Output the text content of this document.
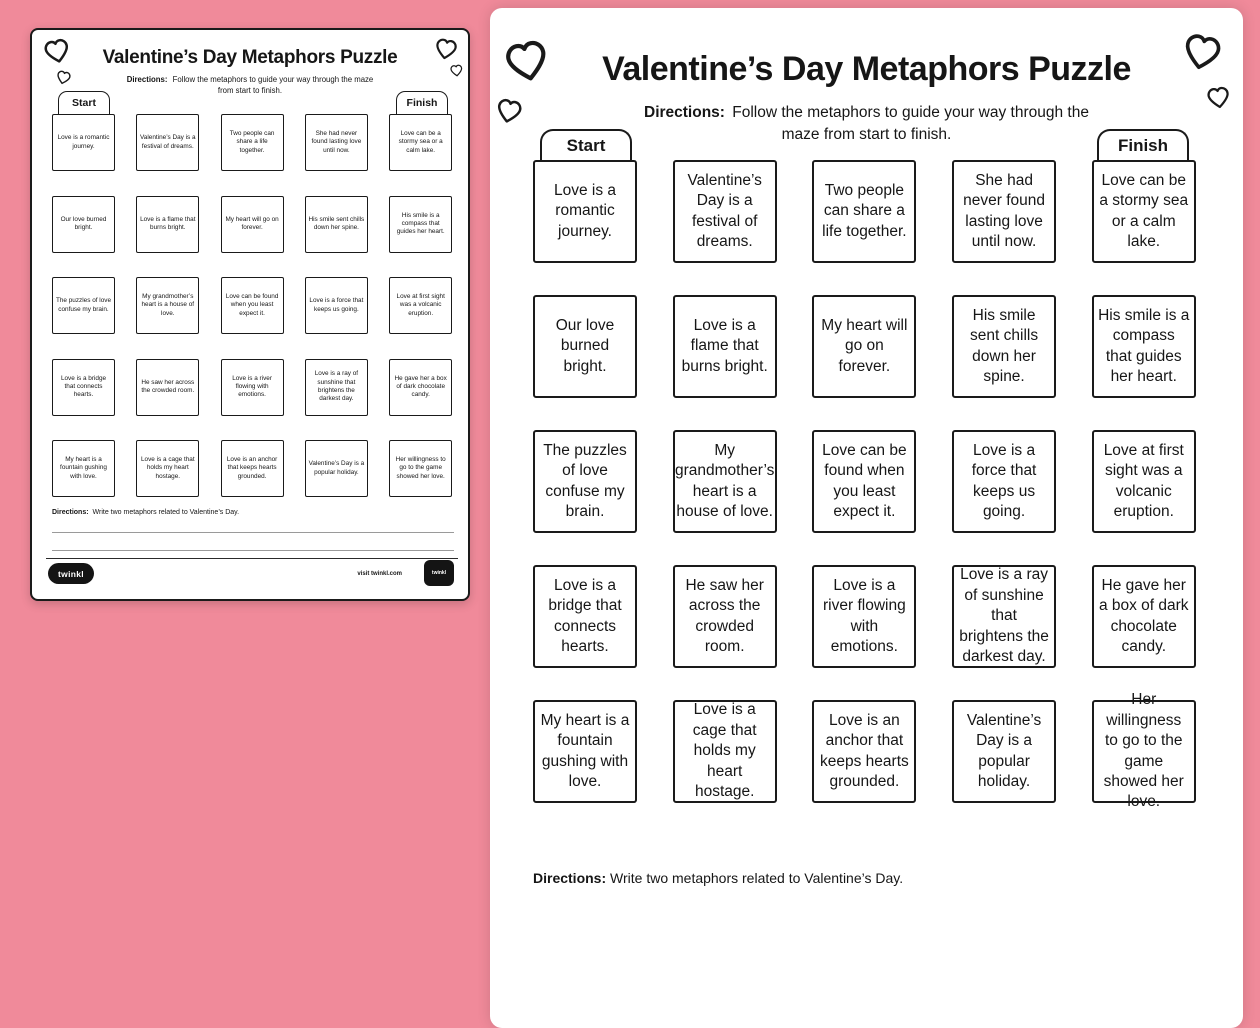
Valentine’s Day Metaphors Puzzle
Directions: Follow the metaphors to guide your way through the maze from start to finish.
Start	Finish
Love is a romantic journey.
Valentine’s Day is a festival of dreams.
Two people can share a life together.
She had never found lasting love until now.
Love can be a stormy sea or a calm lake.
Our love burned bright.
Love is a flame that burns bright.
My heart will go on forever.
His smile sent chills down her spine.
His smile is a compass that guides her heart.
The puzzles of love confuse my brain.
My grandmother’s heart is a house of love.
Love can be found when you least expect it.
Love is a force that keeps us going.
Love at first sight was a volcanic eruption.
Love is a bridge that connects hearts.
He saw her across the crowded room.
Love is a river flowing with emotions.
Love is a ray of sunshine that brightens the darkest day.
He gave her a box of dark chocolate candy.
My heart is a fountain gushing with love.
Love is a cage that holds my heart hostage.
Love is an anchor that keeps hearts grounded.
Valentine’s Day is a popular holiday.
Her willingness to go to the game showed her love.
Directions: Write two metaphors related to Valentine’s Day.
twinkl	visit twinkl.com	twinkl
Valentine’s Day Metaphors Puzzle
Directions: Follow the metaphors to guide your way through the maze from start to finish.
Start	Finish
Love is a romantic journey.
Valentine’s Day is a festival of dreams.
Two people can share a life together.
She had never found lasting love until now.
Love can be a stormy sea or a calm lake.
Our love burned bright.
Love is a flame that burns bright.
My heart will go on forever.
His smile sent chills down her spine.
His smile is a compass that guides her heart.
The puzzles of love confuse my brain.
My grandmother’s heart is a house of love.
Love can be found when you least expect it.
Love is a force that keeps us going.
Love at first sight was a volcanic eruption.
Love is a bridge that connects hearts.
He saw her across the crowded room.
Love is a river flowing with emotions.
Love is a ray of sunshine that brightens the darkest day.
He gave her a box of dark chocolate candy.
My heart is a fountain gushing with love.
Love is a cage that holds my heart hostage.
Love is an anchor that keeps hearts grounded.
Valentine’s Day is a popular holiday.
Her willingness to go to the game showed her love.
Directions: Write two metaphors related to Valentine’s Day.
